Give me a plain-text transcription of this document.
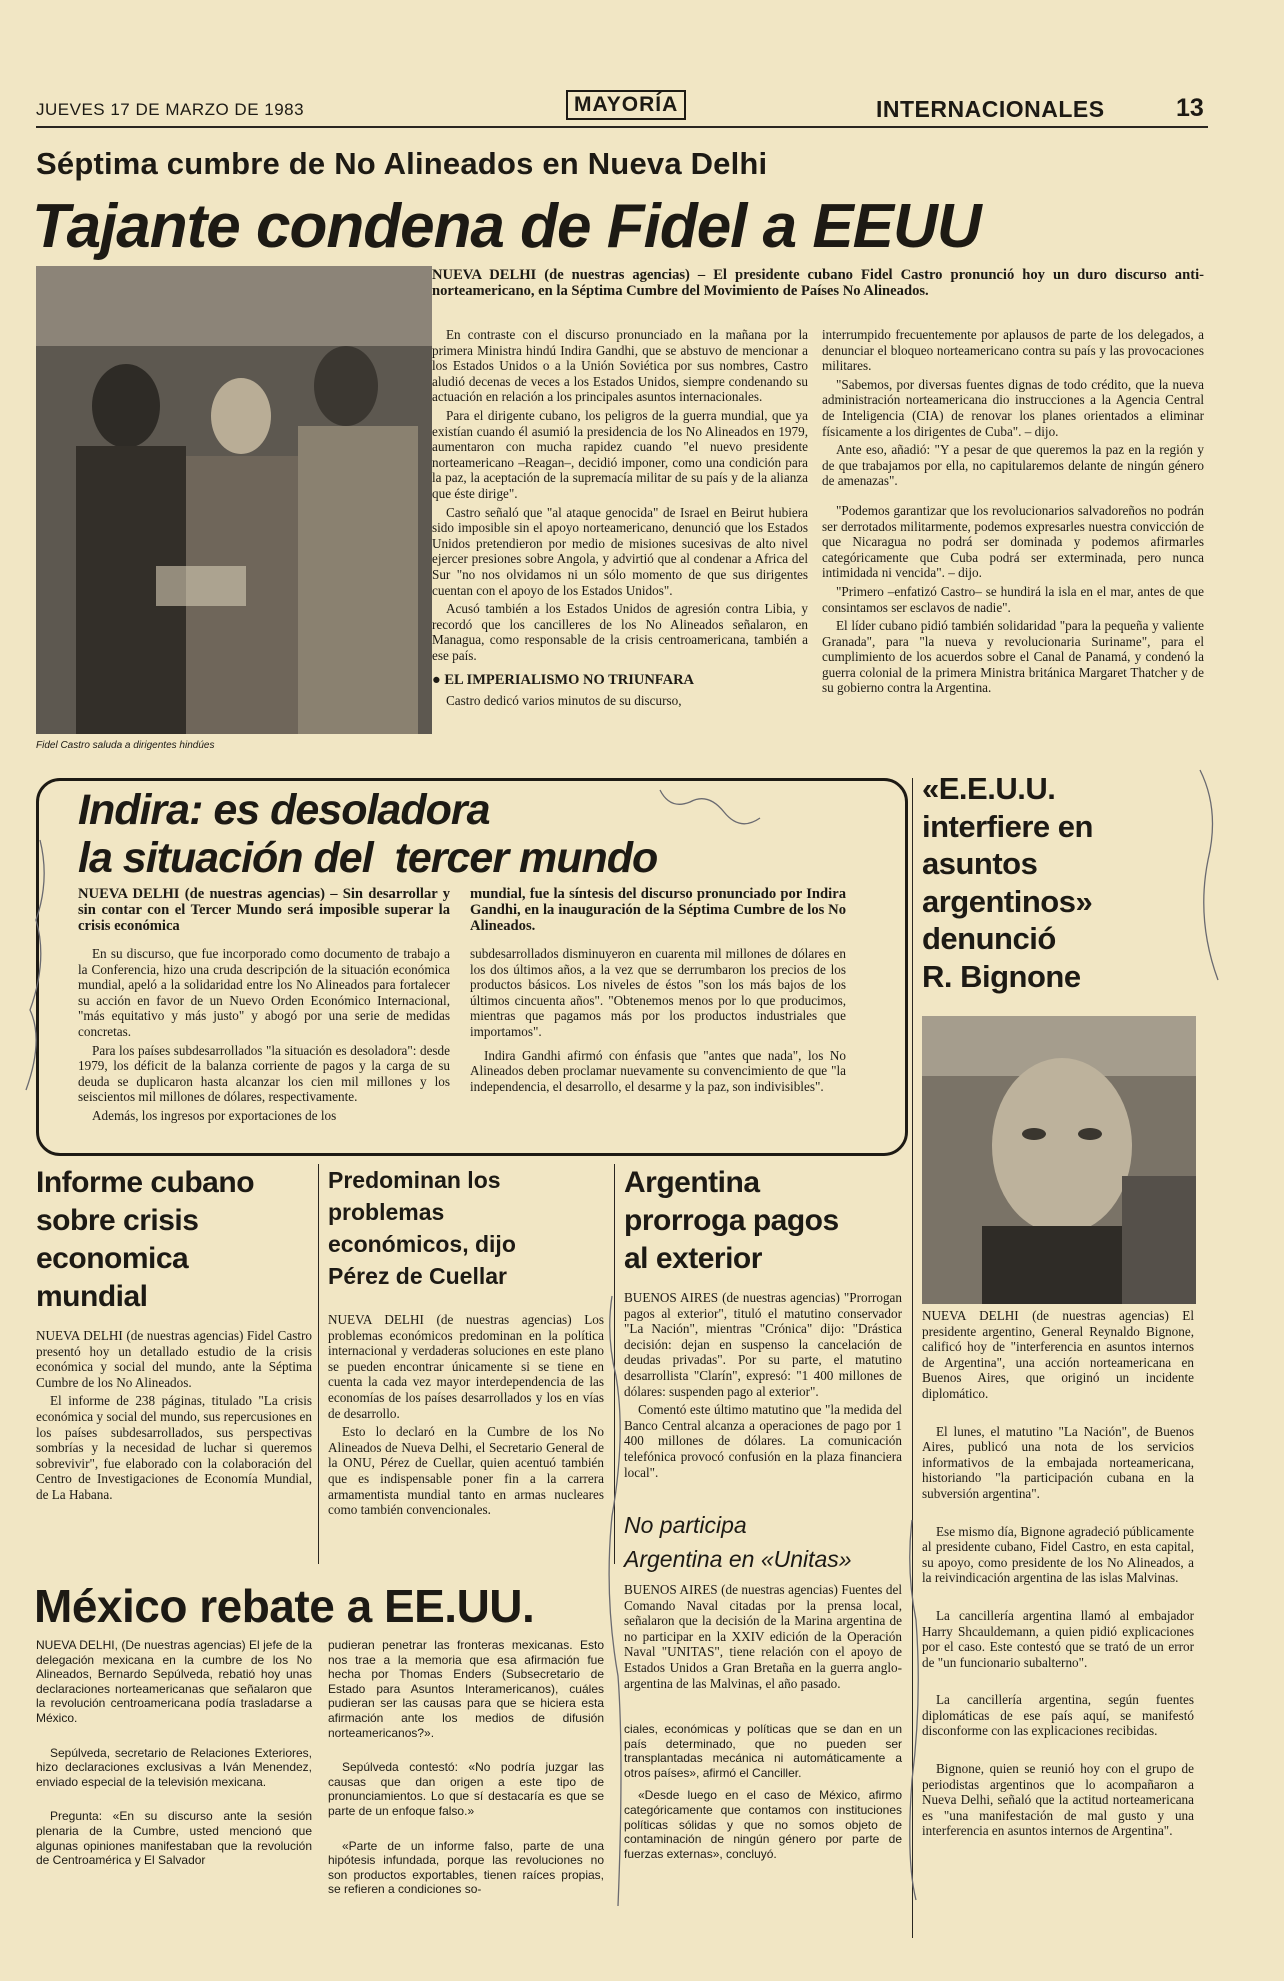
JUEVES 17 DE MARZO DE 1983	MAYORÍA	INTERNACIONALES	13
Séptima cumbre de No Alineados en Nueva Delhi
Tajante condena de Fidel a EEUU
Fidel Castro saluda a dirigentes hindúes
NUEVA DELHI (de nuestras agencias) – El presidente cubano Fidel Castro pronunció hoy un duro discurso anti-norteamericano, en la Séptima Cumbre del Movimiento de Países No Alineados.

En contraste con el discurso pronunciado en la mañana por la primera Ministra hindú Indira Gandhi, que se abstuvo de mencionar a los Estados Unidos o a la Unión Soviética por sus nombres, Castro aludió decenas de veces a los Estados Unidos, siempre condenando su actuación en relación a los principales asuntos internacionales.

Para el dirigente cubano, los peligros de la guerra mundial, que ya existían cuando él asumió la presidencia de los No Alineados en 1979, aumentaron con mucha rapidez cuando "el nuevo presidente norteamericano –Reagan–, decidió imponer, como una condición para la paz, la aceptación de la supremacía militar de su país y de la alianza que éste dirige".

Castro señaló que "al ataque genocida" de Israel en Beirut hubiera sido imposible sin el apoyo norteamericano, denunció que los Estados Unidos pretendieron por medio de misiones sucesivas de alto nivel ejercer presiones sobre Angola, y advirtió que al condenar a Africa del Sur "no nos olvidamos ni un sólo momento de que sus dirigentes cuentan con el apoyo de los Estados Unidos".

Acusó también a los Estados Unidos de agresión contra Libia, y recordó que los cancilleres de los No Alineados señalaron, en Managua, como responsable de la crisis centroamericana, también a ese país.

● EL IMPERIALISMO NO TRIUNFARA

Castro dedicó varios minutos de su discurso,

interrumpido frecuentemente por aplausos de parte de los delegados, a denunciar el bloqueo norteamericano contra su país y las provocaciones militares.

"Sabemos, por diversas fuentes dignas de todo crédito, que la nueva administración norteamericana dio instrucciones a la Agencia Central de Inteligencia (CIA) de renovar los planes orientados a eliminar físicamente a los dirigentes de Cuba". – dijo.

Ante eso, añadió: "Y a pesar de que queremos la paz en la región y de que trabajamos por ella, no capitularemos delante de ningún género de amenazas".

"Podemos garantizar que los revolucionarios salvadoreños no podrán ser derrotados militarmente, podemos expresarles nuestra convicción de que Nicaragua no podrá ser dominada y podemos afirmarles categóricamente que Cuba podrá ser exterminada, pero nunca intimidada ni vencida". – dijo.

"Primero –enfatizó Castro– se hundirá la isla en el mar, antes de que consintamos ser esclavos de nadie".

El líder cubano pidió también solidaridad "para la pequeña y valiente Granada", para "la nueva y revolucionaria Suriname", para el cumplimiento de los acuerdos sobre el Canal de Panamá, y condenó la guerra colonial de la primera Ministra británica Margaret Thatcher y de su gobierno contra la Argentina.

Indira: es desoladora
la situación del  tercer mundo
NUEVA DELHI (de nuestras agencias) – Sin desarrollar y sin contar con el Tercer Mundo será imposible superar la crisis económica
mundial, fue la síntesis del discurso pronunciado por Indira Gandhi, en la inauguración de la Séptima Cumbre de los No Alineados.

En su discurso, que fue incorporado como documento de trabajo a la Conferencia, hizo una cruda descripción de la situación económica mundial, apeló a la solidaridad entre los No Alineados para fortalecer su acción en favor de un Nuevo Orden Económico Internacional, "más equitativo y más justo" y abogó por una serie de medidas concretas.

Para los países subdesarrollados "la situación es desoladora": desde 1979, los déficit de la balanza corriente de pagos y la carga de su deuda se duplicaron hasta alcanzar los cien mil millones y los seiscientos mil millones de dólares, respectivamente.

Además, los ingresos por exportaciones de los

subdesarrollados disminuyeron en cuarenta mil millones de dólares en los dos últimos años, a la vez que se derrumbaron los precios de los productos básicos. Los niveles de éstos "son los más bajos de los últimos cincuenta años". "Obtenemos menos por lo que producimos, mientras que pagamos más por los productos industriales que importamos".

Indira Gandhi afirmó con énfasis que "antes que nada", los No Alineados deben proclamar nuevamente su convencimiento de que "la independencia, el desarrollo, el desarme y la paz, son indivisibles".

«E.E.U.U.
interfiere en
asuntos
argentinos»
denunció
R. Bignone

NUEVA DELHI (de nuestras agencias) El presidente argentino, General Reynaldo Bignone, calificó hoy de "interferencia en asuntos internos de Argentina", una acción norteamericana en Buenos Aires, que originó un incidente diplomático.

El lunes, el matutino "La Nación", de Buenos Aires, publicó una nota de los servicios informativos de la embajada norteamericana, historiando "la participación cubana en la subversión argentina".

Ese mismo día, Bignone agradeció públicamente al presidente cubano, Fidel Castro, en esta capital, su apoyo, como presidente de los No Alineados, a la reivindicación argentina de las islas Malvinas.

La cancillería argentina llamó al embajador Harry Shcauldemann, a quien pidió explicaciones por el caso. Este contestó que se trató de un error de "un funcionario subalterno".

La cancillería argentina, según fuentes diplomáticas de ese país aquí, se manifestó disconforme con las explicaciones recibidas.

Bignone, quien se reunió hoy con el grupo de periodistas argentinos que lo acompañaron a Nueva Delhi, señaló que la actitud norteamericana es "una manifestación de mal gusto y una interferencia en asuntos internos de Argentina".

Informe cubano
sobre crisis
economica
mundial

NUEVA DELHI (de nuestras agencias) Fidel Castro presentó hoy un detallado estudio de la crisis económica y social del mundo, ante la Séptima Cumbre de los No Alineados.

El informe de 238 páginas, titulado "La crisis económica y social del mundo, sus repercusiones en los países subdesarrollados, sus perspectivas sombrías y la necesidad de luchar si queremos sobrevivir", fue elaborado con la colaboración del Centro de Investigaciones de Economía Mundial, de La Habana.

Predominan los
problemas
económicos, dijo
Pérez de Cuellar

NUEVA DELHI (de nuestras agencias) Los problemas económicos predominan en la política internacional y verdaderas soluciones en este plano se pueden encontrar únicamente si se tiene en cuenta la cada vez mayor interdependencia de las economías de los países desarrollados y los en vías de desarrollo.

Esto lo declaró en la Cumbre de los No Alineados de Nueva Delhi, el Secretario General de la ONU, Pérez de Cuellar, quien acentuó también que es indispensable poner fin a la carrera armamentista mundial tanto en armas nucleares como también convencionales.

Argentina
prorroga pagos
al exterior

BUENOS AIRES (de nuestras agencias) "Prorrogan pagos al exterior", tituló el matutino conservador "La Nación", mientras "Crónica" dijo: "Drástica decisión: dejan en suspenso la cancelación de deudas privadas". Por su parte, el matutino desarrollista "Clarín", expresó: "1 400 millones de dólares: suspenden pago al exterior".

Comentó este último matutino que "la medida del Banco Central alcanza a operaciones de pago por 1 400 millones de dólares. La comunicación telefónica provocó confusión en la plaza financiera local".

No participa
Argentina en «Unitas»

BUENOS AIRES (de nuestras agencias) Fuentes del Comando Naval citadas por la prensa local, señalaron que la decisión de la Marina argentina de no participar en la XXIV edición de la Operación Naval "UNITAS", tiene relación con el apoyo de Estados Unidos a Gran Bretaña en la guerra anglo-argentina de las Malvinas, el año pasado.

México rebate a EE.UU.

NUEVA DELHI, (De nuestras agencias) El jefe de la delegación mexicana en la cumbre de los No Alineados, Bernardo Sepúlveda, rebatió hoy unas declaraciones norteamericanas que señalaron que la revolución centroamericana podía trasladarse a México.

Sepúlveda, secretario de Relaciones Exteriores, hizo declaraciones exclusivas a Iván Menendez, enviado especial de la televisión mexicana.

Pregunta: «En su discurso ante la sesión plenaria de la Cumbre, usted mencionó que algunas opiniones manifestaban que la revolución de Centroamérica y El Salvador

pudieran penetrar las fronteras mexicanas. Esto nos trae a la memoria que esa afirmación fue hecha por Thomas Enders (Subsecretario de Estado para Asuntos Interamericanos), cuáles pudieran ser las causas para que se hiciera esta afirmación ante los medios de difusión norteamericanos?».

Sepúlveda contestó: «No podría juzgar las causas que dan origen a este tipo de pronunciamientos. Lo que sí destacaría es que se parte de un enfoque falso.»

«Parte de un informe falso, parte de una hipótesis infundada, porque las revoluciones no son productos exportables, tienen raíces propias, se refieren a condiciones so-

ciales, económicas y políticas que se dan en un país determinado, que no pueden ser transplantadas mecánica ni automáticamente a otros países», afirmó el Canciller.

«Desde luego en el caso de México, afirmo categóricamente que contamos con instituciones políticas sólidas y que no somos objeto de contaminación de ningún género por parte de fuerzas externas», concluyó.
